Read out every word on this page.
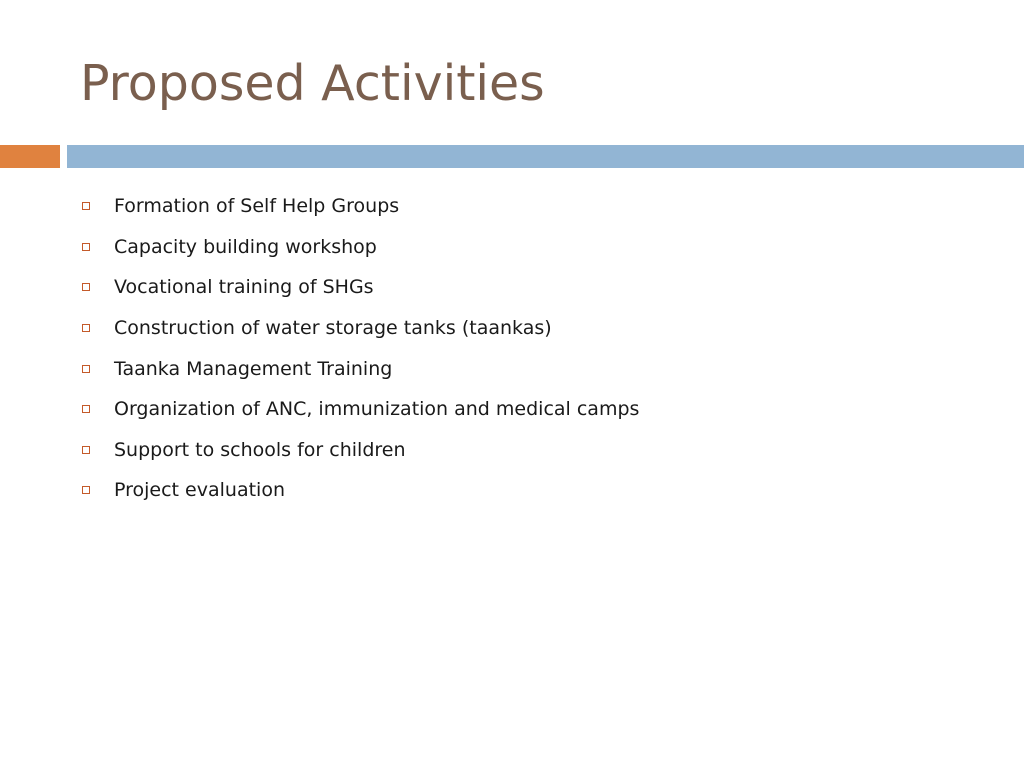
Proposed Activities
Formation of Self Help Groups
Capacity building workshop
Vocational training of SHGs
Construction of water storage tanks (taankas)
Taanka Management Training
Organization of ANC, immunization and medical camps
Support to schools for children
Project evaluation
